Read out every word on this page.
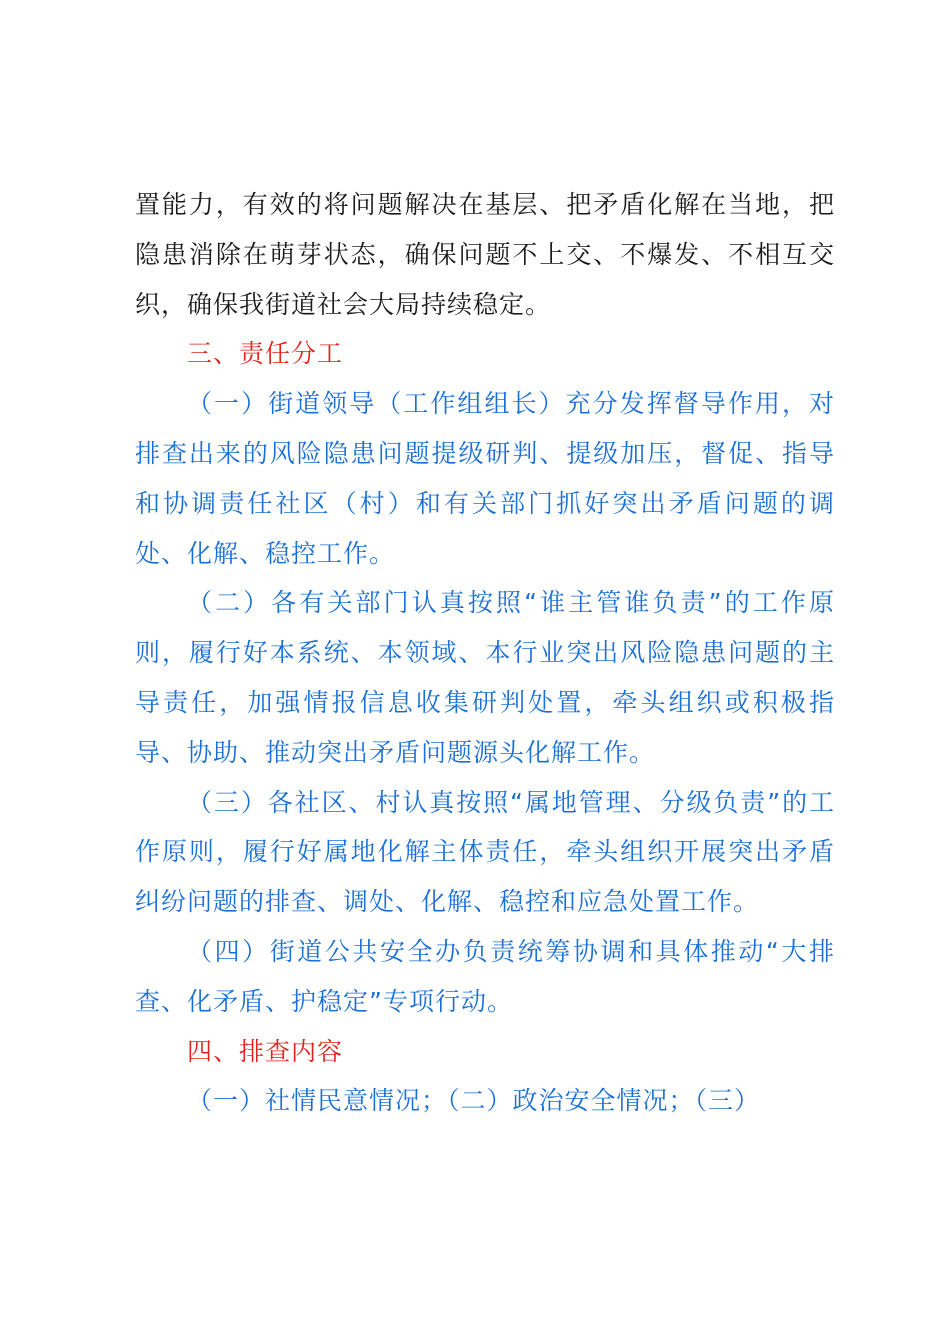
置能力，有效的将问题解决在基层、把矛盾化解在当地，把隐患消除在萌芽状态，确保问题不上交、不爆发、不相互交织，确保我街道社会大局持续稳定。

三、责任分工

（一）街道领导（工作组组长）充分发挥督导作用，对排查出来的风险隐患问题提级研判、提级加压，督促、指导和协调责任社区（村）和有关部门抓好突出矛盾问题的调处、化解、稳控工作。

（二）各有关部门认真按照“谁主管谁负责”的工作原则，履行好本系统、本领域、本行业突出风险隐患问题的主导责任，加强情报信息收集研判处置，牵头组织或积极指导、协助、推动突出矛盾问题源头化解工作。

（三）各社区、村认真按照“属地管理、分级负责”的工作原则，履行好属地化解主体责任，牵头组织开展突出矛盾纠纷问题的排查、调处、化解、稳控和应急处置工作。

（四）街道公共安全办负责统筹协调和具体推动“大排查、化矛盾、护稳定”专项行动。

四、排查内容

（一）社情民意情况；（二）政治安全情况；（三）
